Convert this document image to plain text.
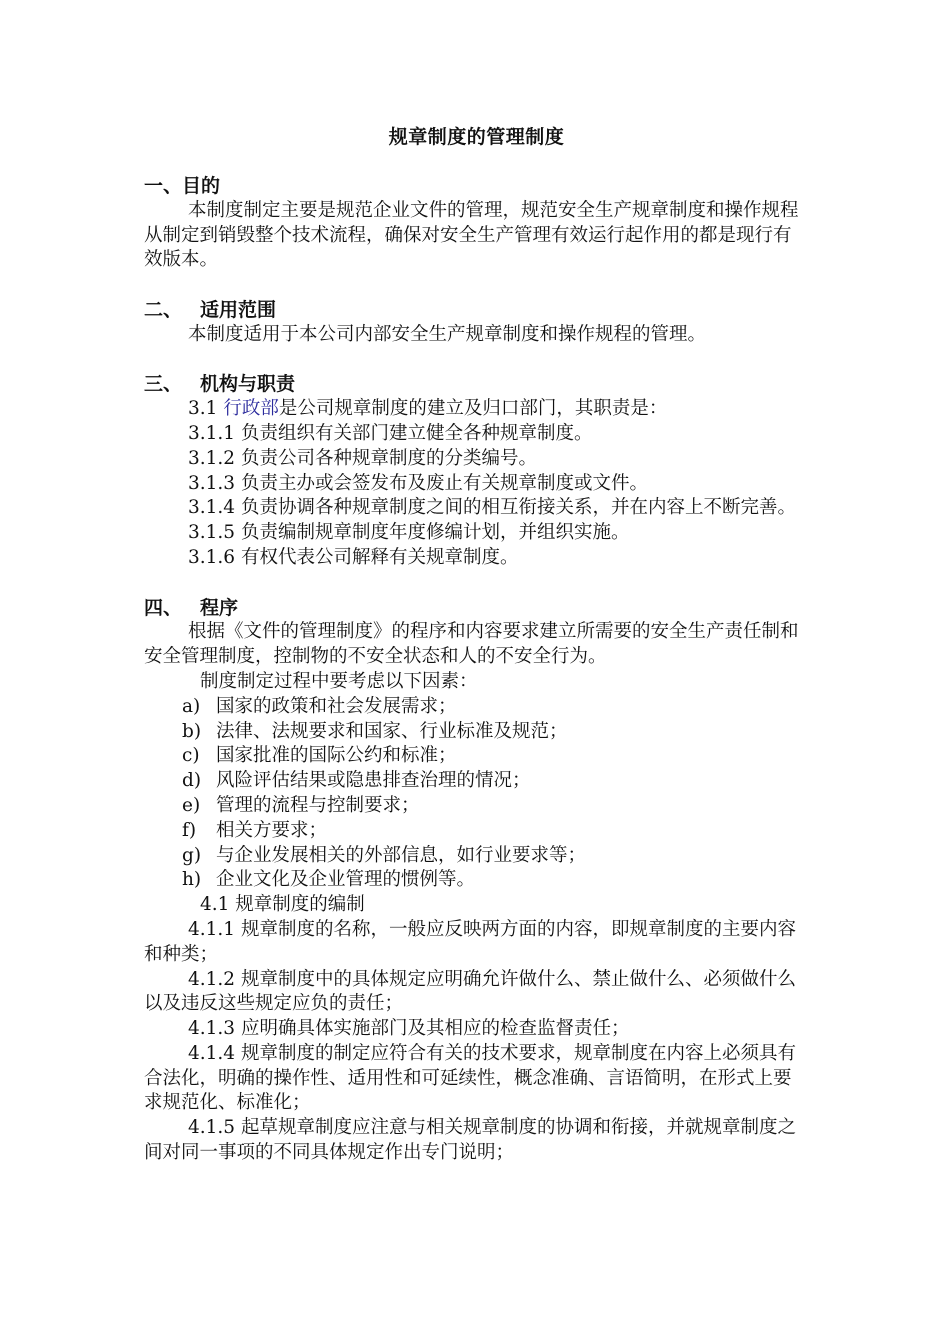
规章制度的管理制度
一、目的

本制度制定主要是规范企业文件的管理，规范安全生产规章制度和操作规程从制定到销毁整个技术流程，确保对安全生产管理有效运行起作用的都是现行有效版本。

二、 适用范围

本制度适用于本公司内部安全生产规章制度和操作规程的管理。

三、 机构与职责

3.1 行政部是公司规章制度的建立及归口部门，其职责是：

3.1.1 负责组织有关部门建立健全各种规章制度。

3.1.2 负责公司各种规章制度的分类编号。

3.1.3 负责主办或会签发布及废止有关规章制度或文件。

3.1.4 负责协调各种规章制度之间的相互衔接关系，并在内容上不断完善。

3.1.5 负责编制规章制度年度修编计划，并组织实施。

3.1.6 有权代表公司解释有关规章制度。

四、 程序

根据《文件的管理制度》的程序和内容要求建立所需要的安全生产责任制和安全管理制度，控制物的不安全状态和人的不安全行为。

制度制定过程中要考虑以下因素：

a) 国家的政策和社会发展需求；

b) 法律、法规要求和国家、行业标准及规范；

c) 国家批准的国际公约和标准；

d) 风险评估结果或隐患排查治理的情况；

e) 管理的流程与控制要求；

f) 相关方要求；

g) 与企业发展相关的外部信息，如行业要求等；

h) 企业文化及企业管理的惯例等。

4.1 规章制度的编制

4.1.1 规章制度的名称，一般应反映两方面的内容，即规章制度的主要内容和种类；

4.1.2 规章制度中的具体规定应明确允许做什么、禁止做什么、必须做什么以及违反这些规定应负的责任；

4.1.3 应明确具体实施部门及其相应的检查监督责任；

4.1.4 规章制度的制定应符合有关的技术要求，规章制度在内容上必须具有合法化，明确的操作性、适用性和可延续性，概念准确、言语简明，在形式上要求规范化、标准化；

4.1.5 起草规章制度应注意与相关规章制度的协调和衔接，并就规章制度之间对同一事项的不同具体规定作出专门说明；
